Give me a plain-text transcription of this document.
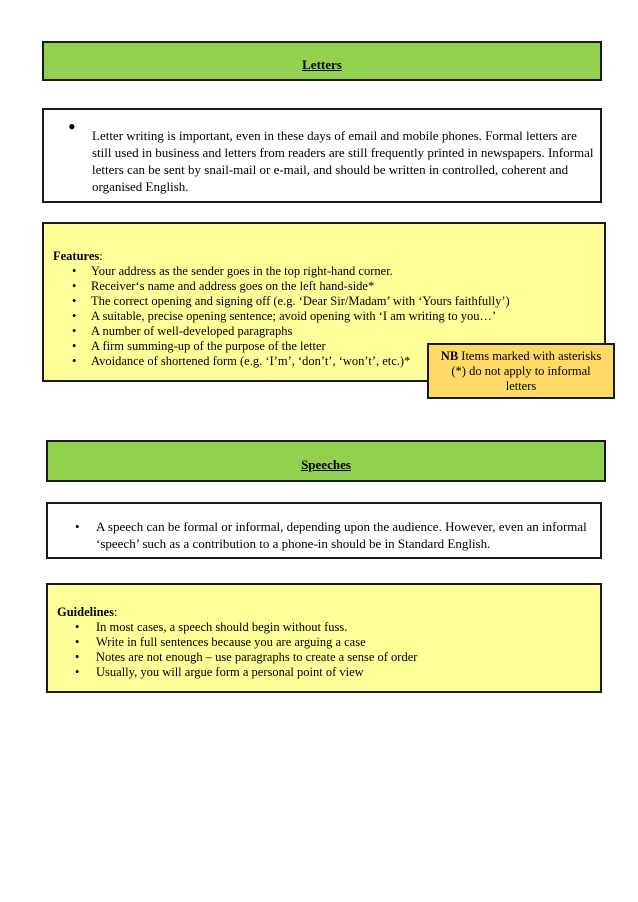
Letters
• Letter writing is important, even in these days of email and mobile phones. Formal letters are still used in business and letters from readers are still frequently printed in newspapers. Informal letters can be sent by snail-mail or e-mail, and should be written in controlled, coherent and organised English.
Features:
• Your address as the sender goes in the top right-hand corner.
• Receiver‘s name and address goes on the left hand-side*
• The correct opening and signing off (e.g. ‘Dear Sir/Madam’ with ‘Yours faithfully’)
• A suitable, precise opening sentence; avoid opening with ‘I am writing to you…’
• A number of well-developed paragraphs
• A firm summing-up of the purpose of the letter
• Avoidance of shortened form (e.g. ‘I’m’, ‘don’t’, ‘won’t’, etc.)*	NB Items marked with asterisks (*) do not apply to informal letters
Speeches
• A speech can be formal or informal, depending upon the audience. However, even an informal ‘speech’ such as a contribution to a phone-in should be in Standard English.
Guidelines:
• In most cases, a speech should begin without fuss.
• Write in full sentences because you are arguing a case
• Notes are not enough – use paragraphs to create a sense of order
• Usually, you will argue form a personal point of view
